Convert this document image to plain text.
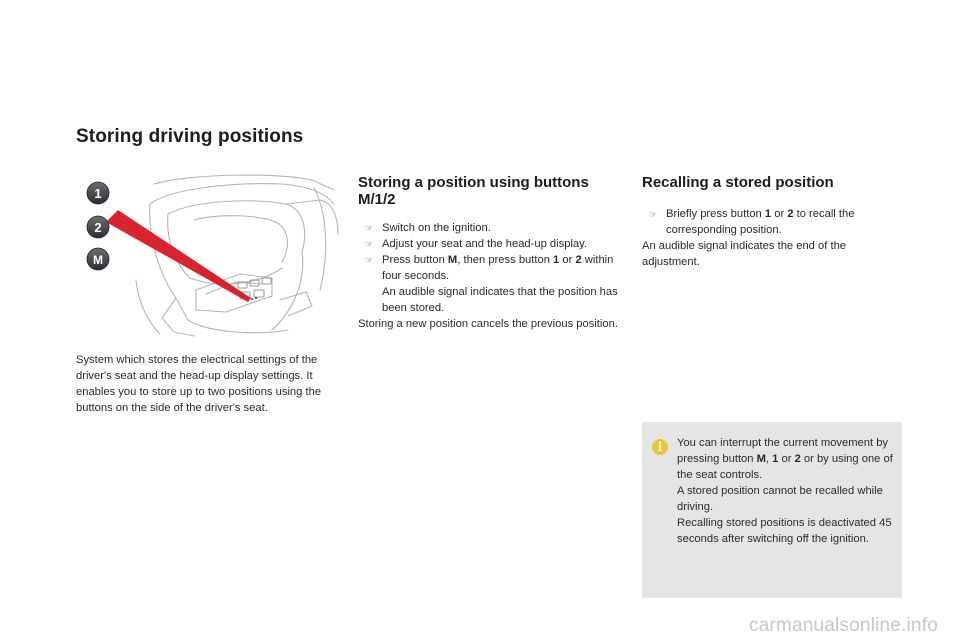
Storing driving positions
1
2
M

System which stores the electrical settings of the driver's seat and the head-up display settings. It enables you to store up to two positions using the buttons on the side of the driver's seat.

Storing a position using buttons M/1/2
☞ Switch on the ignition.
☞ Adjust your seat and the head-up display.
☞ Press button M, then press button 1 or 2 within four seconds.
An audible signal indicates that the position has been stored.

Storing a new position cancels the previous position.

Recalling a stored position
☞ Briefly press button 1 or 2 to recall the corresponding position.

An audible signal indicates the end of the adjustment.

i	You can interrupt the current movement by pressing button M, 1 or 2 or by using one of the seat controls.

A stored position cannot be recalled while driving.

Recalling stored positions is deactivated 45 seconds after switching off the ignition.

carmanualsonline.info
